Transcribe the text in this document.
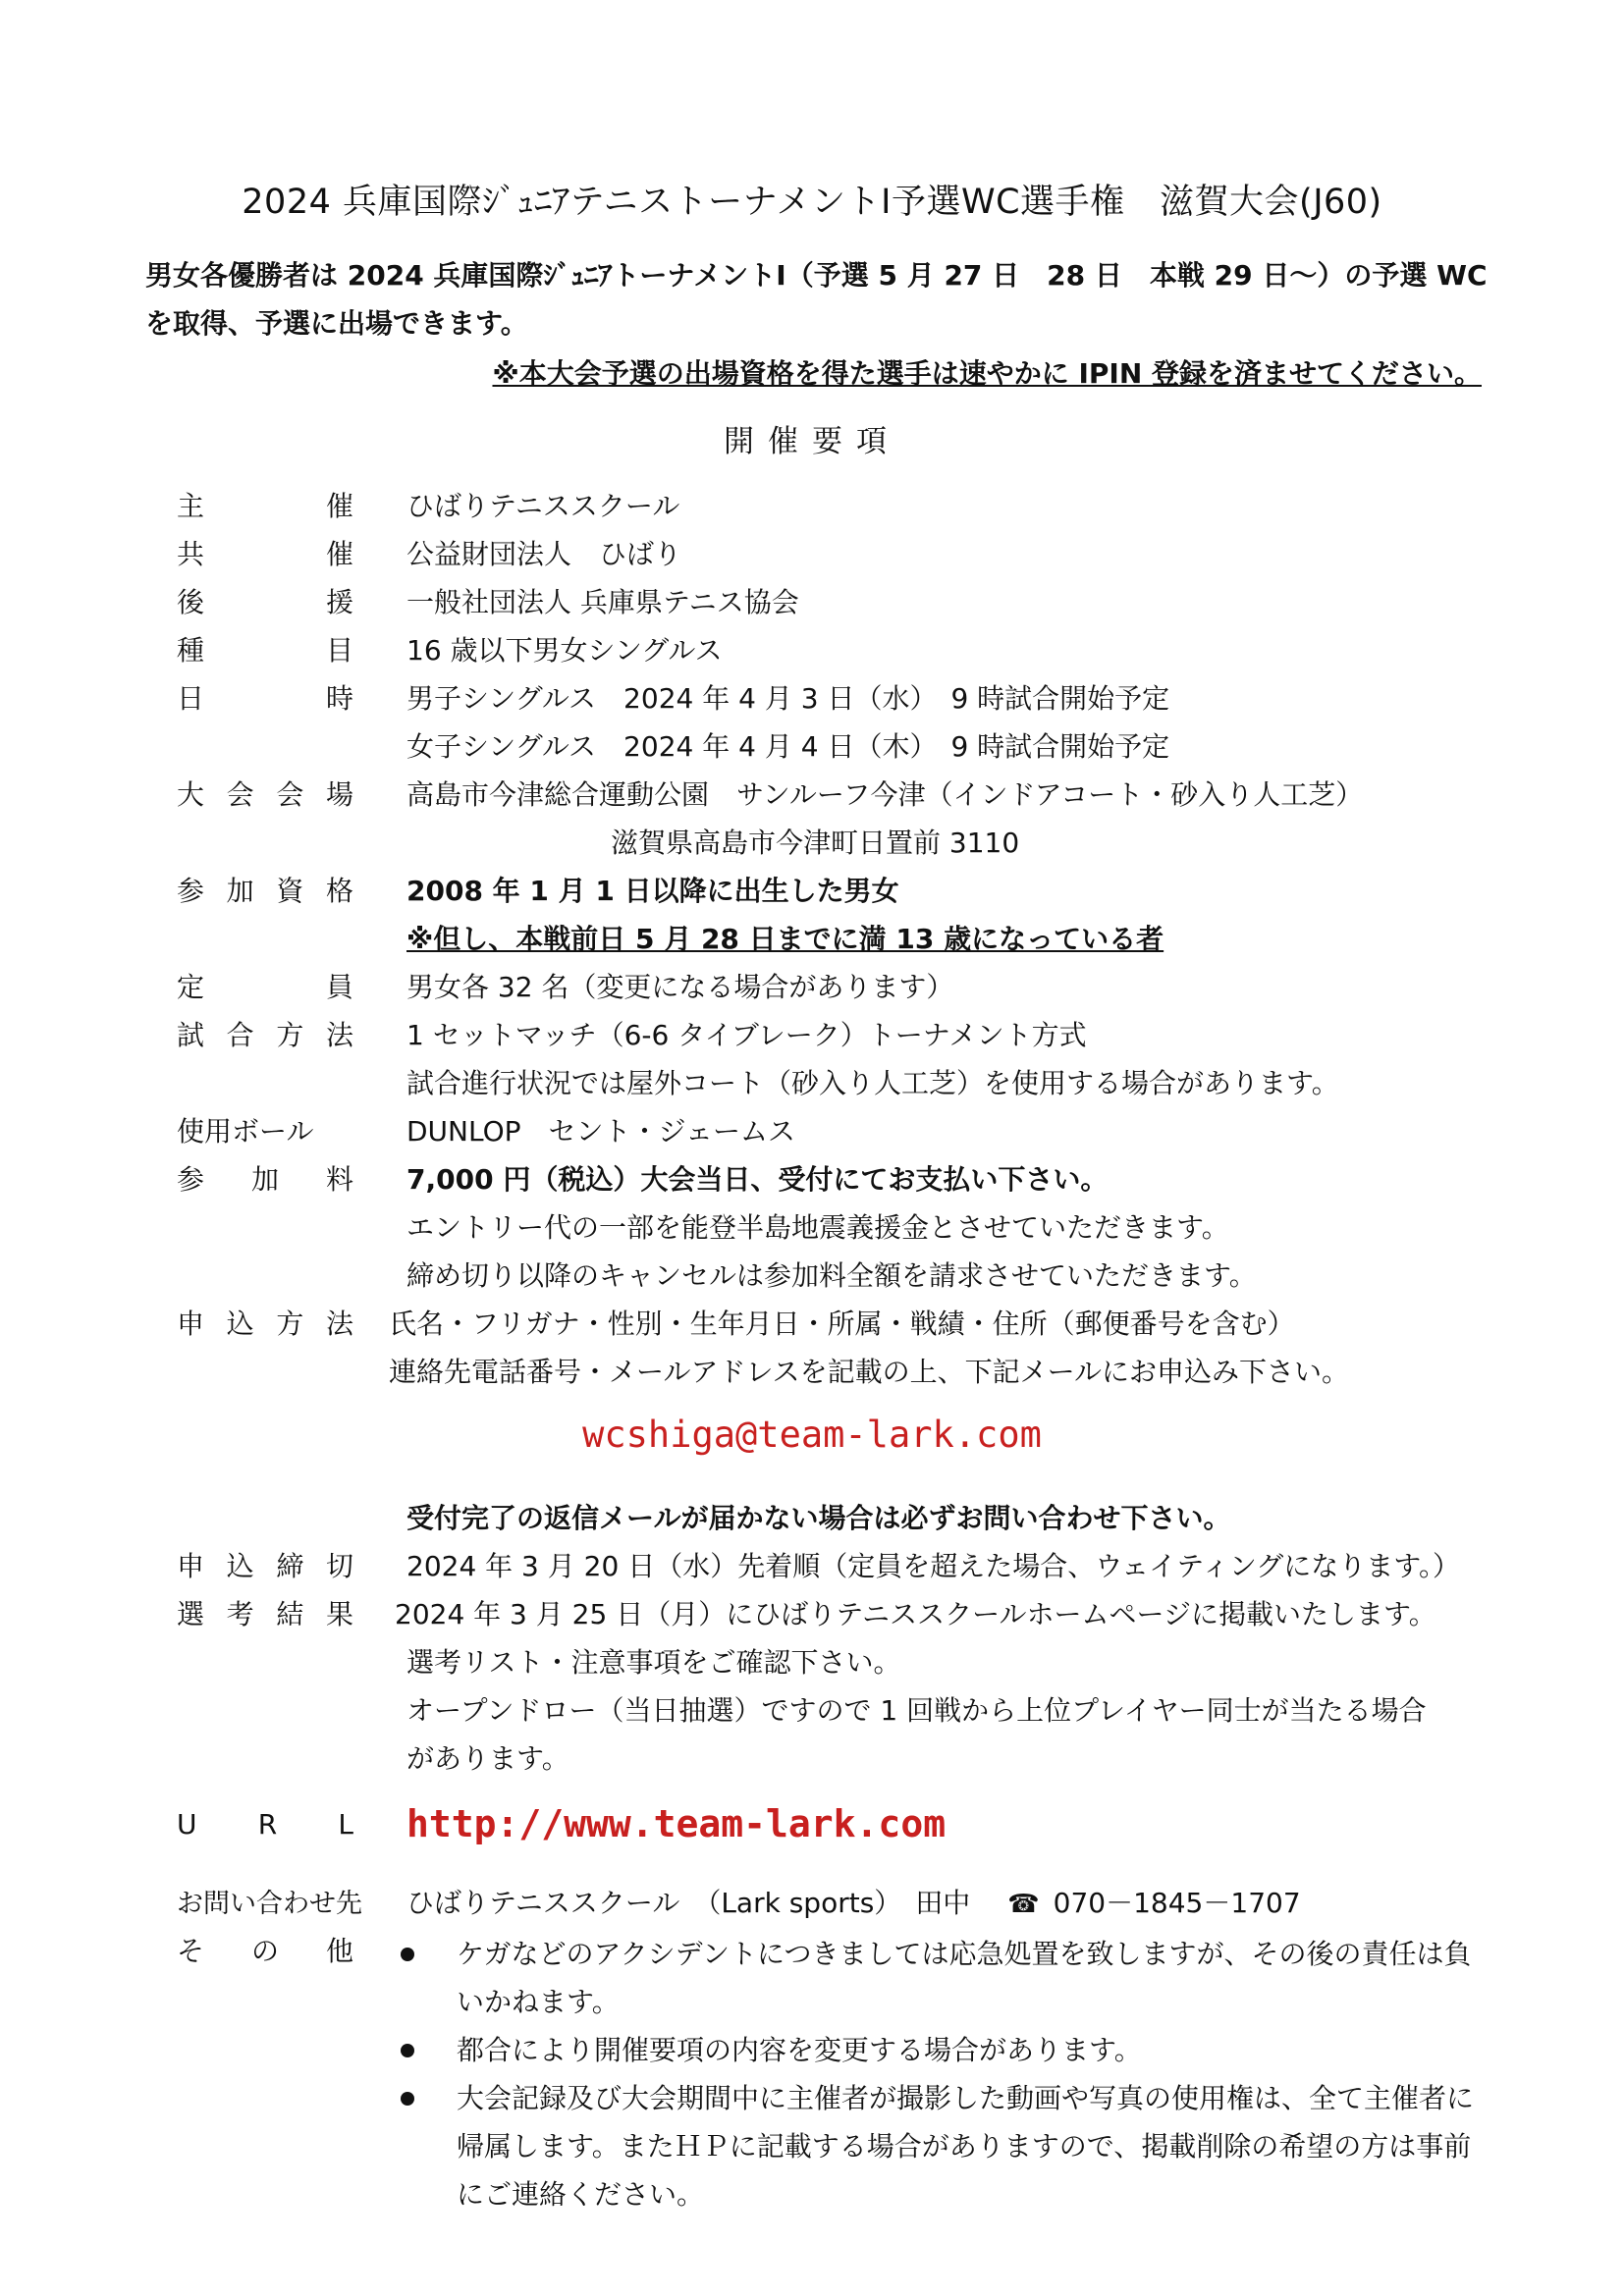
2024 兵庫国際ｼﾞｭﾆｱテニストーナメントⅠ予選WC選手権　滋賀大会(J60)
男女各優勝者は 2024 兵庫国際ｼﾞｭﾆｱトーナメントⅠ（予選 5 月 27 日　28 日　本戦 29 日～）の予選 WC を取得、予選に出場できます。
※本大会予選の出場資格を得た選手は速やかに IPIN 登録を済ませてください。
開催要項
主	催 ひばりテニススクール
共	催 公益財団法人　ひばり
後	援 一般社団法人 兵庫県テニス協会
種	目 16 歳以下男女シングルス
日	時 男子シングルス　2024 年 4 月 3 日（水）　9 時試合開始予定
女子シングルス　2024 年 4 月 4 日（木）　9 時試合開始予定
大 会 会 場 高島市今津総合運動公園　サンルーフ今津（インドアコート・砂入り人工芝）
滋賀県高島市今津町日置前 3110
参 加 資 格 2008 年 1 月 1 日以降に出生した男女
※但し、本戦前日 5 月 28 日までに満 13 歳になっている者
定	員 男女各 32 名（変更になる場合があります）
試 合 方 法 1 セットマッチ（6-6 タイブレーク）トーナメント方式
試合進行状況では屋外コート（砂入り人工芝）を使用する場合があります。
使用ボール	DUNLOP　セント・ジェームス
参 加 料 7,000 円（税込）大会当日、受付にてお支払い下さい。
エントリー代の一部を能登半島地震義援金とさせていただきます。
締め切り以降のキャンセルは参加料全額を請求させていただきます。
申 込 方 法 氏名・フリガナ・性別・生年月日・所属・戦績・住所（郵便番号を含む）
連絡先電話番号・メールアドレスを記載の上、下記メールにお申込み下さい。
wcshiga@team-lark.com
受付完了の返信メールが届かない場合は必ずお問い合わせ下さい。
申 込 締 切 2024 年 3 月 20 日（水）先着順（定員を超えた場合、ウェイティングになります。）
選 考 結 果 2024 年 3 月 25 日（月）にひばりテニススクールホームページに掲載いたします。
選考リスト・注意事項をご確認下さい。
オープンドロー（当日抽選）ですので 1 回戦から上位プレイヤー同士が当たる場合
があります。
U R L http://www.team-lark.com
お問い合わせ先 ひばりテニススクール　（Lark sports）　田中 ☎ 070－1845－1707
そ の 他	ケガなどのアクシデントにつきましては応急処置を致しますが、その後の責任は負いかねます。
都合により開催要項の内容を変更する場合があります。
大会記録及び大会期間中に主催者が撮影した動画や写真の使用権は、全て主催者に帰属します。またＨＰに記載する場合がありますので、掲載削除の希望の方は事前にご連絡ください。
